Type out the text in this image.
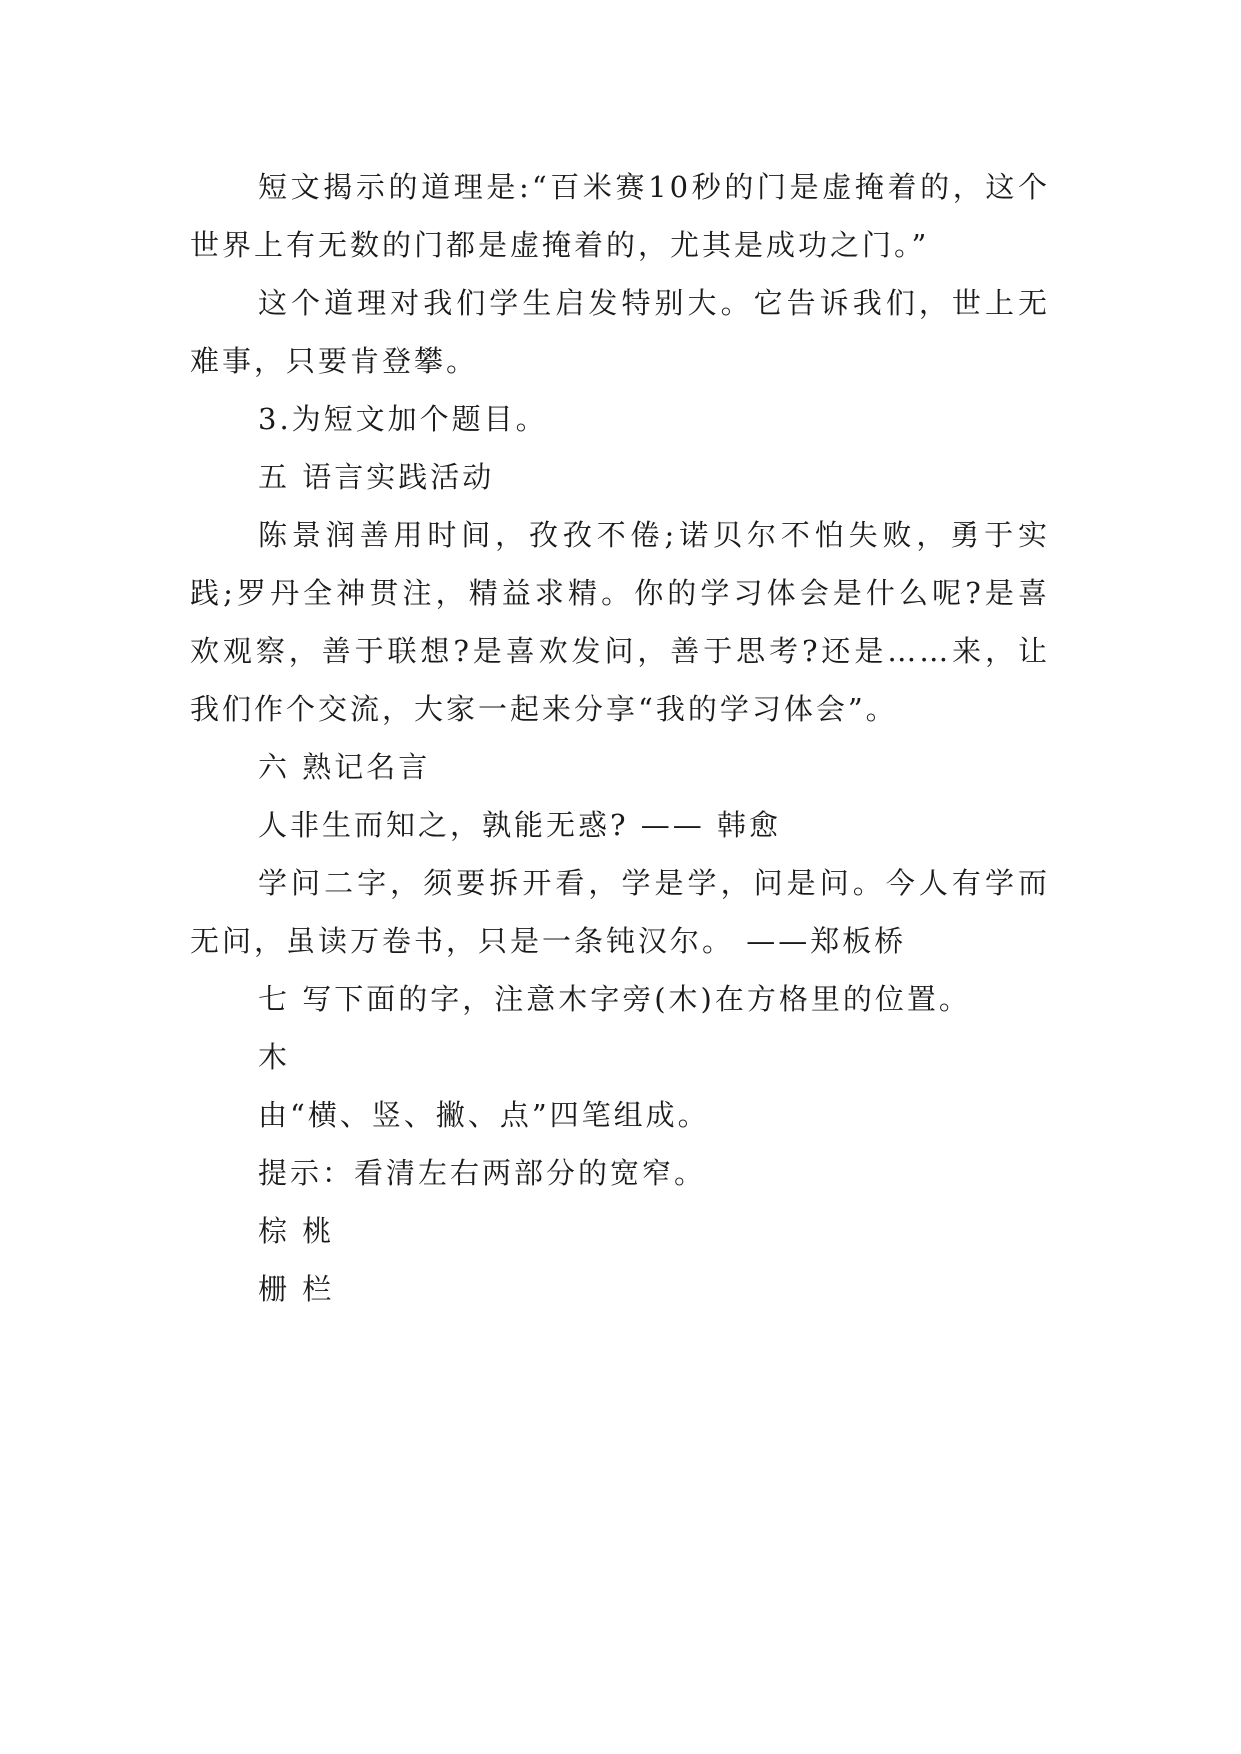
短文揭示的道理是:“百米赛10秒的门是虚掩着的，这个世界上有无数的门都是虚掩着的，尤其是成功之门。”

这个道理对我们学生启发特别大。它告诉我们，世上无难事，只要肯登攀。

3.为短文加个题目。

五 语言实践活动

陈景润善用时间，孜孜不倦;诺贝尔不怕失败，勇于实践;罗丹全神贯注，精益求精。你的学习体会是什么呢?是喜欢观察，善于联想?是喜欢发问，善于思考?还是……来，让我们作个交流，大家一起来分享“我的学习体会”。

六 熟记名言

人非生而知之，孰能无惑? —— 韩愈

学问二字，须要拆开看，学是学，问是问。今人有学而无问，虽读万卷书，只是一条钝汉尔。 ——郑板桥

七 写下面的字，注意木字旁(木)在方格里的位置。

木

由“横、竖、撇、点”四笔组成。

提示：看清左右两部分的宽窄。

棕 桃

栅 栏
